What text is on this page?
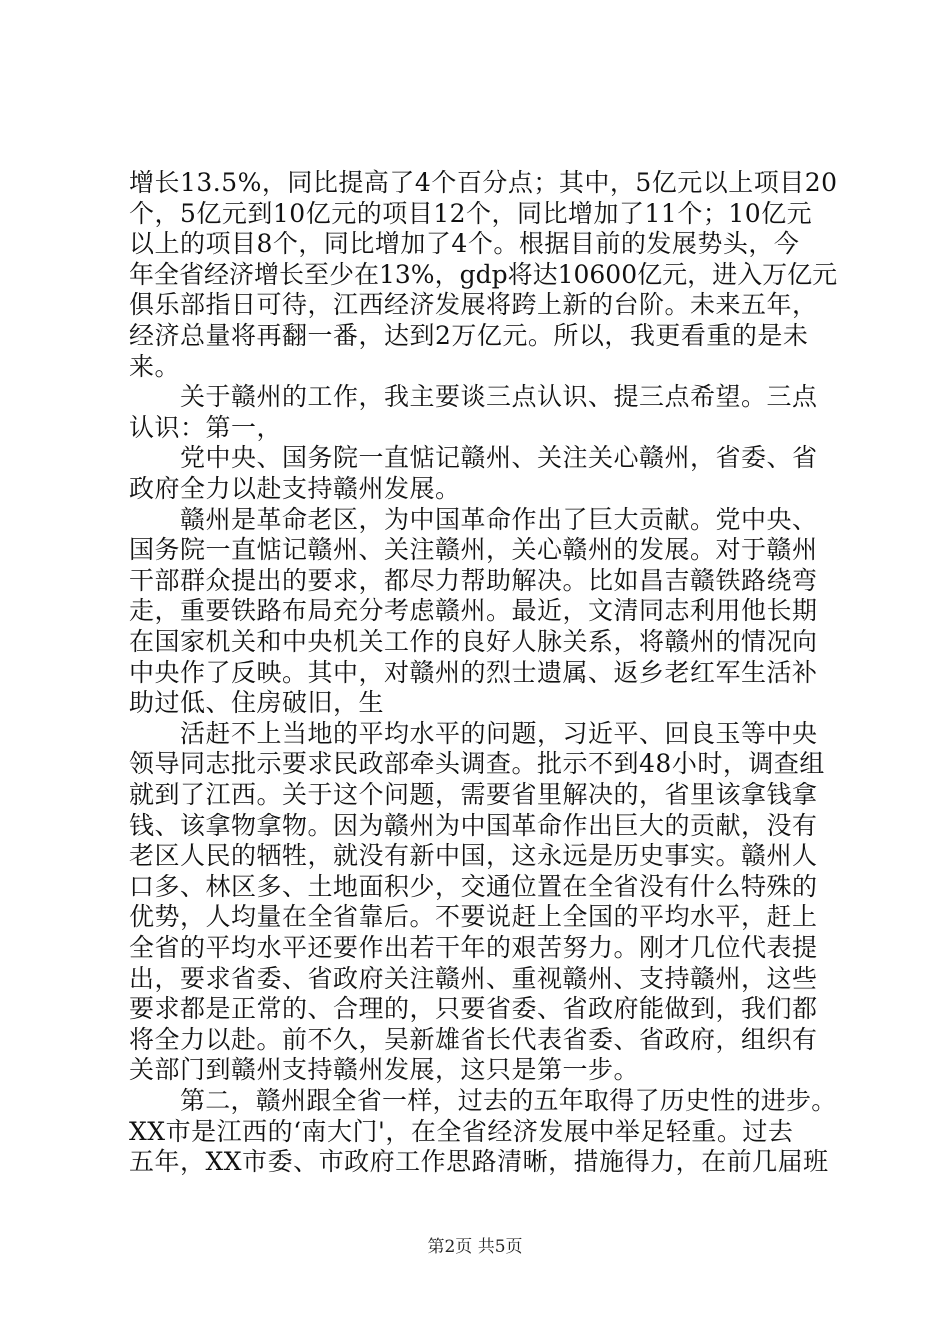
增长13.5%，同比提高了4个百分点；其中，5亿元以上项目20
个，5亿元到10亿元的项目12个，同比增加了11个；10亿元
以上的项目8个，同比增加了4个。根据目前的发展势头，今
年全省经济增长至少在13%，gdp将达10600亿元，进入万亿元
俱乐部指日可待，江西经济发展将跨上新的台阶。未来五年，
经济总量将再翻一番，达到2万亿元。所以，我更看重的是未
来。
关于赣州的工作，我主要谈三点认识、提三点希望。三点
认识：第一，
党中央、国务院一直惦记赣州、关注关心赣州，省委、省
政府全力以赴支持赣州发展。
赣州是革命老区，为中国革命作出了巨大贡献。党中央、
国务院一直惦记赣州、关注赣州，关心赣州的发展。对于赣州
干部群众提出的要求，都尽力帮助解决。比如昌吉赣铁路绕弯
走，重要铁路布局充分考虑赣州。最近，文清同志利用他长期
在国家机关和中央机关工作的良好人脉关系，将赣州的情况向
中央作了反映。其中，对赣州的烈士遗属、返乡老红军生活补
助过低、住房破旧，生
活赶不上当地的平均水平的问题，习近平、回良玉等中央
领导同志批示要求民政部牵头调查。批示不到48小时，调查组
就到了江西。关于这个问题，需要省里解决的，省里该拿钱拿
钱、该拿物拿物。因为赣州为中国革命作出巨大的贡献，没有
老区人民的牺牲，就没有新中国，这永远是历史事实。赣州人
口多、林区多、土地面积少，交通位置在全省没有什么特殊的
优势，人均量在全省靠后。不要说赶上全国的平均水平，赶上
全省的平均水平还要作出若干年的艰苦努力。刚才几位代表提
出，要求省委、省政府关注赣州、重视赣州、支持赣州，这些
要求都是正常的、合理的，只要省委、省政府能做到，我们都
将全力以赴。前不久，吴新雄省长代表省委、省政府，组织有
关部门到赣州支持赣州发展，这只是第一步。
第二，赣州跟全省一样，过去的五年取得了历史性的进步。
XX市是江西的‘南大门'，在全省经济发展中举足轻重。过去
五年，XX市委、市政府工作思路清晰，措施得力，在前几届班
第2页 共5页
